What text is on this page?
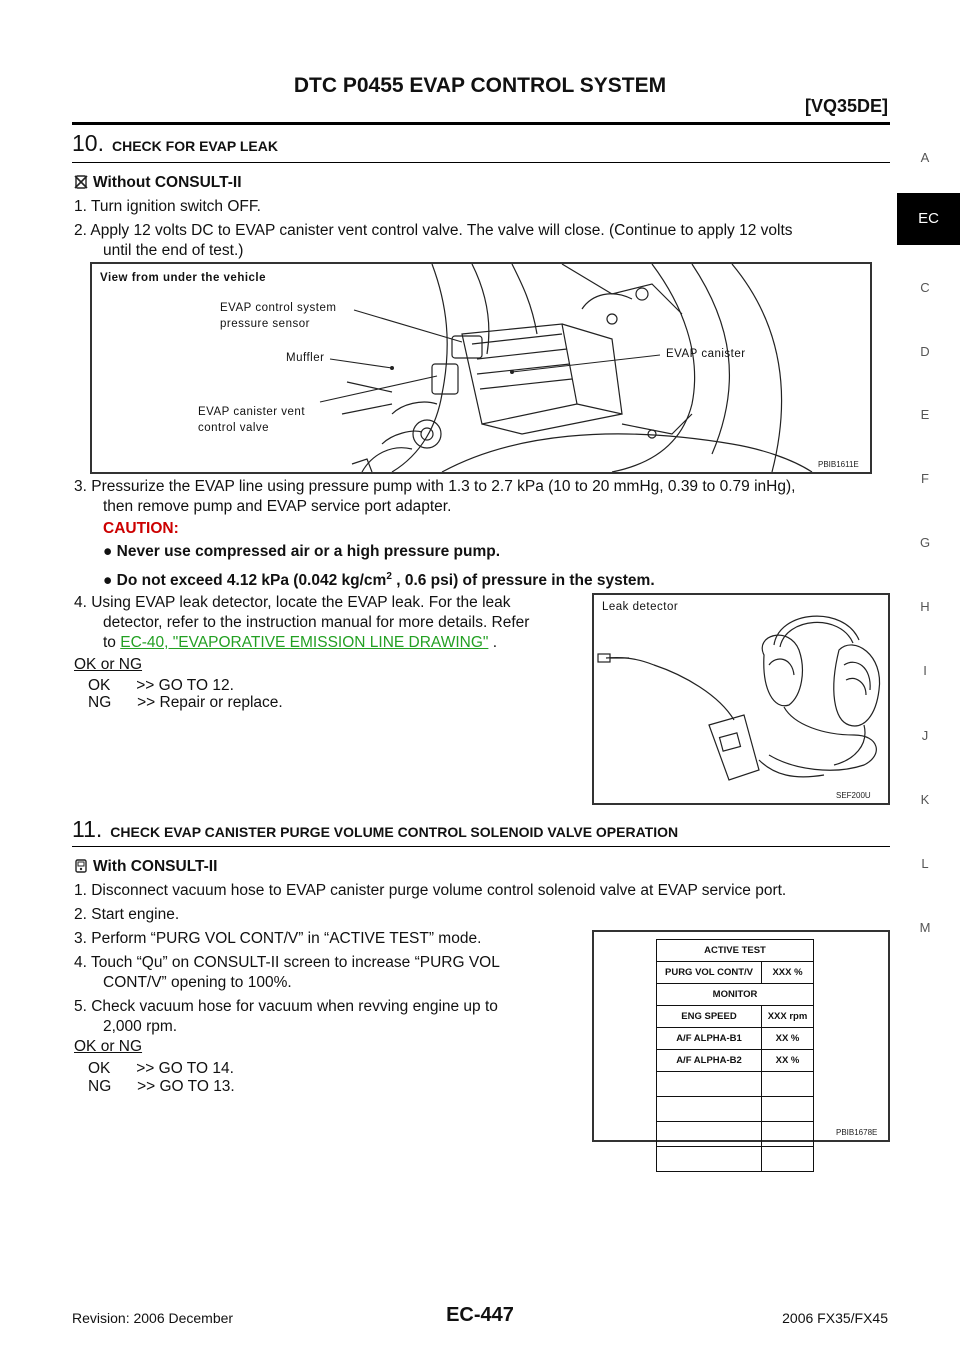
DTC P0455 EVAP CONTROL SYSTEM
[VQ35DE]
A
EC
C
D
E
F
G
H
I
J
K
L
M
10. CHECK FOR EVAP LEAK
Without CONSULT-II
1. Turn ignition switch OFF.
2. Apply 12 volts DC to EVAP canister vent control valve. The valve will close. (Continue to apply 12 volts
until the end of test.)
View from under the vehicle
EVAP control system
pressure sensor
Muffler	EVAP canister
EVAP canister vent
control valve
PBIB1611E
3. Pressurize the EVAP line using pressure pump with 1.3 to 2.7 kPa (10 to 20 mmHg, 0.39 to 0.79 inHg),
then remove pump and EVAP service port adapter.
CAUTION:
● Never use compressed air or a high pressure pump.
● Do not exceed 4.12 kPa (0.042 $kg/cm^2$ , 0.6 psi) of pressure in the system.
4. Using EVAP leak detector, locate the EVAP leak. For the leak
detector, refer to the instruction manual for more details. Refer
to EC-40, "EVAPORATIVE EMISSION LINE DRAWING" .
OK or NG
OK      >> GO TO 12.
NG      >> Repair or replace.
Leak detector
SEF200U
11. CHECK EVAP CANISTER PURGE VOLUME CONTROL SOLENOID VALVE OPERATION
With CONSULT-II
1. Disconnect vacuum hose to EVAP canister purge volume control solenoid valve at EVAP service port.
2. Start engine.
3. Perform “PURG VOL CONT/V” in “ACTIVE TEST” mode.
4. Touch “Qu” on CONSULT-II screen to increase “PURG VOL
CONT/V” opening to 100%.
5. Check vacuum hose for vacuum when revving engine up to
2,000 rpm.
OK or NG
OK      >> GO TO 14.
NG      >> GO TO 13.
ACTIVE TEST	
PURG VOL CONT/V	XXX %
MONITOR	
ENG SPEED	XXX rpm
A/F ALPHA-B1	XX %
A/F ALPHA-B2	XX %

PBIB1678E
Revision: 2006 December	EC-447	2006 FX35/FX45
